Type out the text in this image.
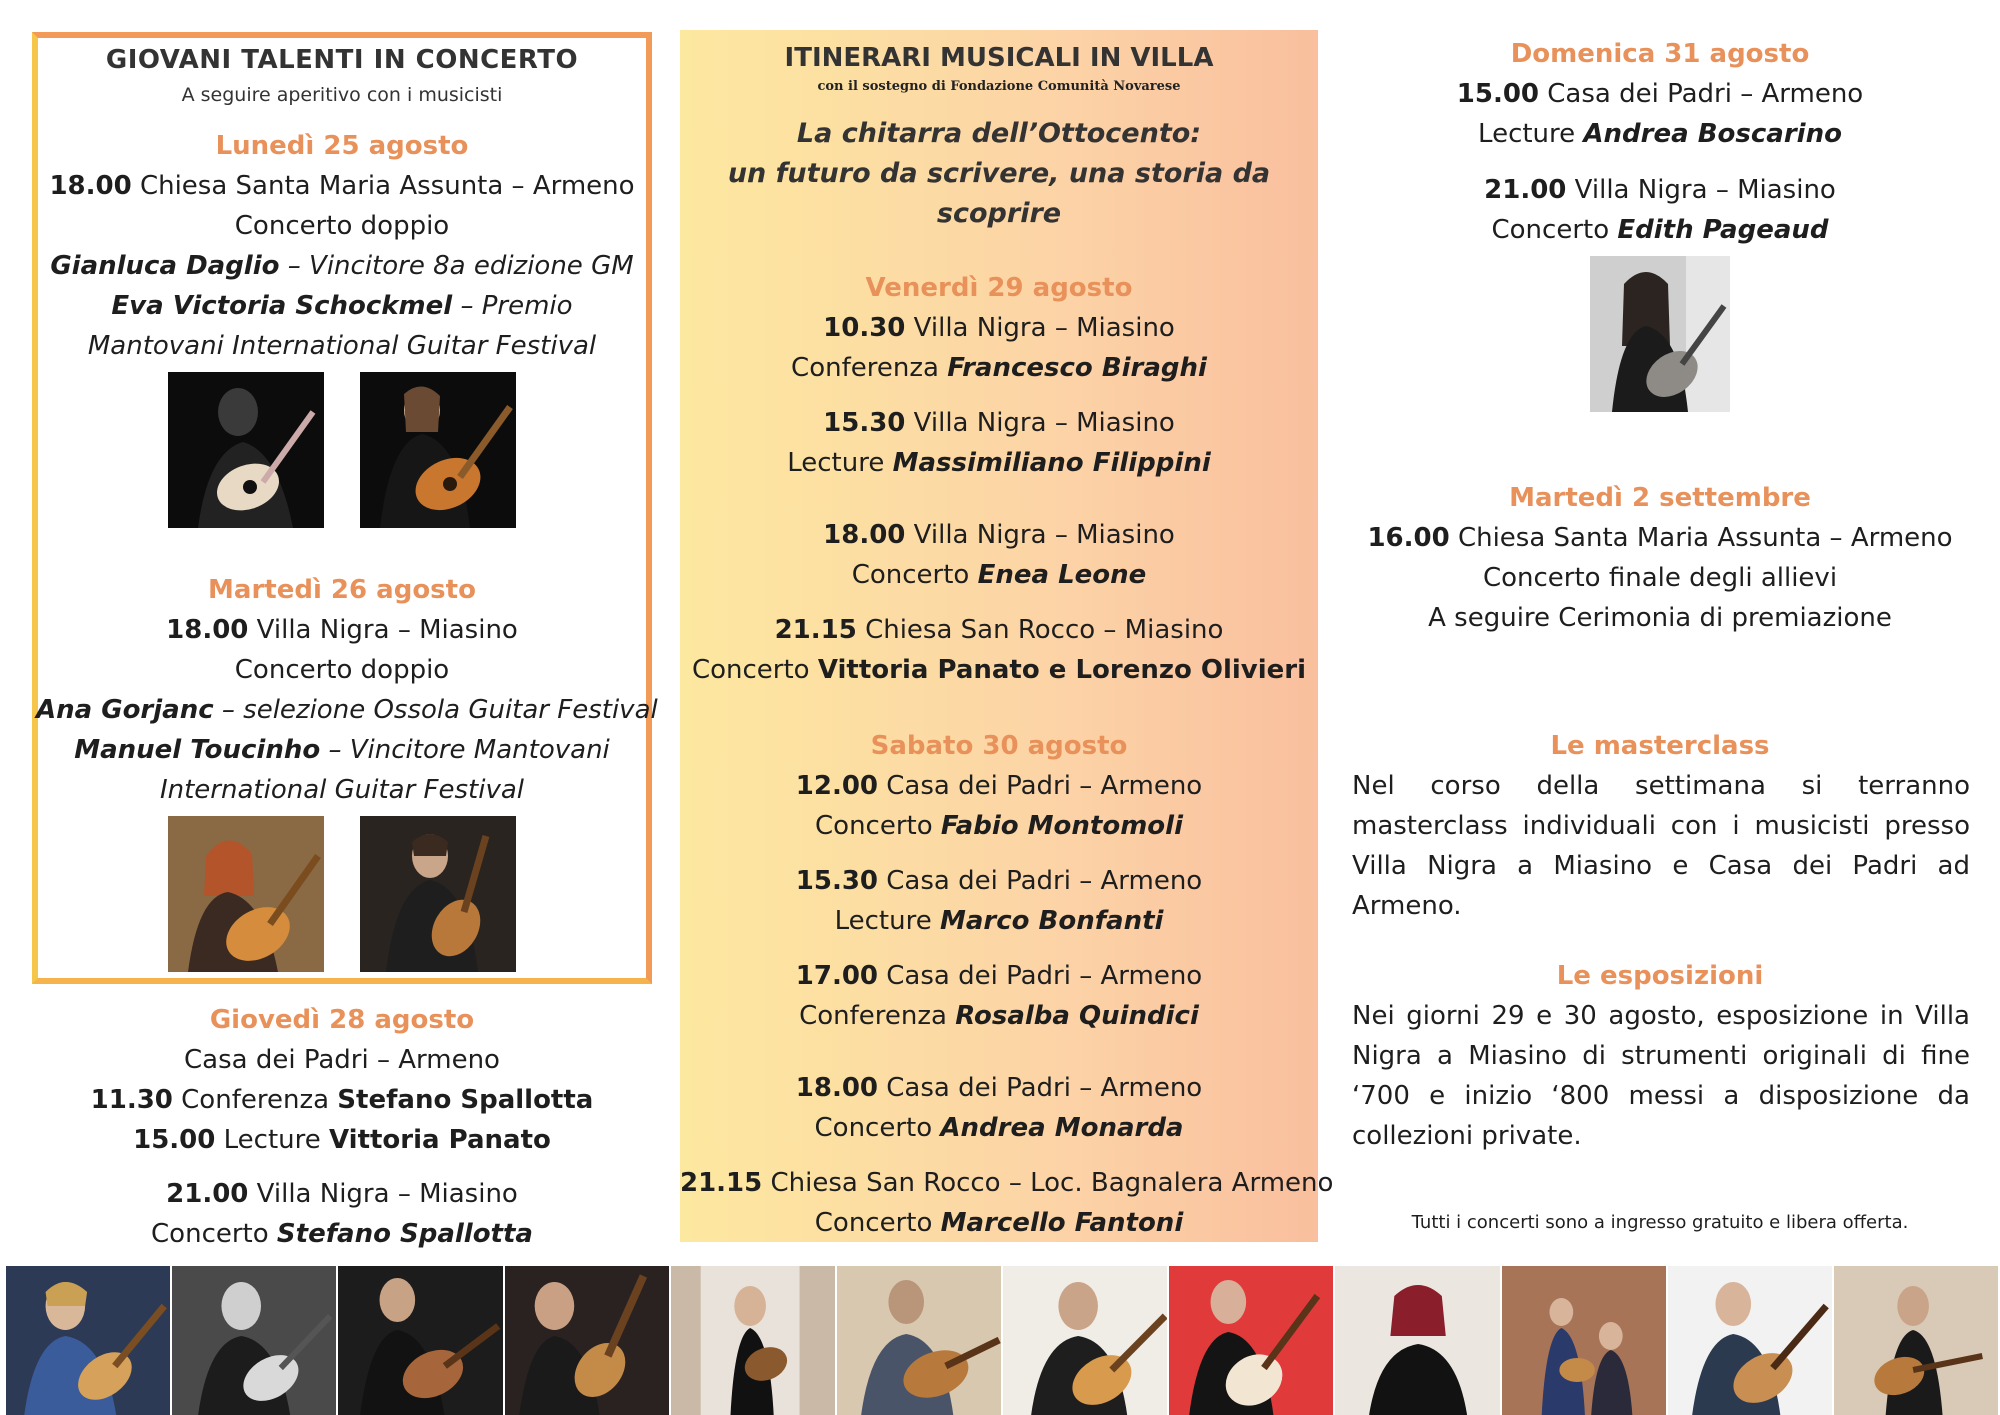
GIOVANI TALENTI IN CONCERTO
A seguire aperitivo con i musicisti
Lunedì 25 agosto
18.00 Chiesa Santa Maria Assunta – Armeno
Concerto doppio
Gianluca Daglio – Vincitore 8a edizione GM
Eva Victoria Schockmel – Premio
Mantovani International Guitar Festival
Martedì 26 agosto
18.00 Villa Nigra – Miasino
Concerto doppio
Ana Gorjanc – selezione Ossola Guitar Festival
Manuel Toucinho – Vincitore Mantovani
International Guitar Festival
Giovedì 28 agosto
Casa dei Padri – Armeno
11.30 Conferenza Stefano Spallotta
15.00 Lecture Vittoria Panato
21.00 Villa Nigra – Miasino
Concerto Stefano Spallotta
ITINERARI MUSICALI IN VILLA
con il sostegno di Fondazione Comunità Novarese
La chitarra dell’Ottocento:
un futuro da scrivere, una storia da scoprire
Venerdì 29 agosto
10.30 Villa Nigra – Miasino
Conferenza Francesco Biraghi
15.30 Villa Nigra – Miasino
Lecture Massimiliano Filippini
18.00 Villa Nigra – Miasino
Concerto Enea Leone
21.15 Chiesa San Rocco – Miasino
Concerto Vittoria Panato e Lorenzo Olivieri
Sabato 30 agosto
12.00 Casa dei Padri – Armeno
Concerto Fabio Montomoli
15.30 Casa dei Padri – Armeno
Lecture Marco Bonfanti
17.00 Casa dei Padri – Armeno
Conferenza Rosalba Quindici
18.00 Casa dei Padri – Armeno
Concerto Andrea Monarda
21.15 Chiesa San Rocco – Loc. Bagnalera Armeno
Concerto Marcello Fantoni
Domenica 31 agosto
15.00 Casa dei Padri – Armeno
Lecture Andrea Boscarino
21.00 Villa Nigra – Miasino
Concerto Edith Pageaud
Martedì 2 settembre
16.00 Chiesa Santa Maria Assunta – Armeno
Concerto finale degli allievi
A seguire Cerimonia di premiazione
Le masterclass
Nel corso della settimana si terranno masterclass individuali con i musicisti presso Villa Nigra a Miasino e Casa dei Padri ad Armeno.
Le esposizioni
Nei giorni 29 e 30 agosto, esposizione in Villa Nigra a Miasino di strumenti originali di fine ‘700 e inizio ‘800 messi a disposizione da collezioni private.
Tutti i concerti sono a ingresso gratuito e libera offerta.
